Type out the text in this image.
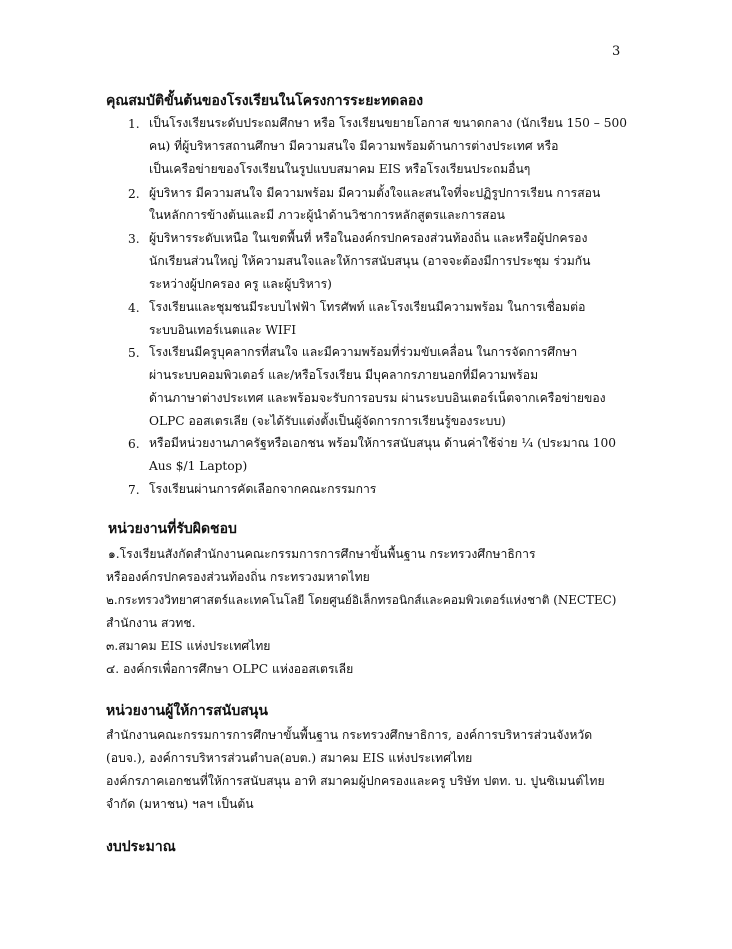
3
คุณสมบัติขั้นต้นของโรงเรียนในโครงการระยะทดลอง
1. เป็นโรงเรียนระดับประถมศึกษา หรือ โรงเรียนขยายโอกาส ขนาดกลาง (นักเรียน 150 – 500
คน) ที่ผู้บริหารสถานศึกษา มีความสนใจ มีความพร้อมด้านการต่างประเทศ หรือ
เป็นเครือข่ายของโรงเรียนในรูปแบบสมาคม EIS หรือโรงเรียนประถมอื่นๆ
2. ผู้บริหาร มีความสนใจ มีความพร้อม มีความตั้งใจและสนใจที่จะปฏิรูปการเรียน การสอน
ในหลักการข้างต้นและมี ภาวะผู้นำด้านวิชาการหลักสูตรและการสอน
3. ผู้บริหารระดับเหนือ ในเขตพื้นที่ หรือในองค์กรปกครองส่วนท้องถิ่น และหรือผู้ปกครอง
นักเรียนส่วนใหญ่ ให้ความสนใจและให้การสนับสนุน (อาจจะต้องมีการประชุม ร่วมกัน
ระหว่างผู้ปกครอง ครู และผู้บริหาร)
4. โรงเรียนและชุมชนมีระบบไฟฟ้า โทรศัพท์ และโรงเรียนมีความพร้อม ในการเชื่อมต่อ
ระบบอินเทอร์เนตและ WIFI
5. โรงเรียนมีครูบุคลากรที่สนใจ และมีความพร้อมที่ร่วมขับเคลื่อน ในการจัดการศึกษา
ผ่านระบบคอมพิวเตอร์ และ/หรือโรงเรียน มีบุคลากรภายนอกที่มีความพร้อม
ด้านภาษาต่างประเทศ และพร้อมจะรับการอบรม ผ่านระบบอินเตอร์เน็ตจากเครือข่ายของ
OLPC ออสเตรเลีย (จะได้รับแต่งตั้งเป็นผู้จัดการการเรียนรู้ของระบบ)
6. หรือมีหน่วยงานภาครัฐหรือเอกชน พร้อมให้การสนับสนุน ด้านค่าใช้จ่าย ¼ (ประมาณ 100
Aus $/1 Laptop)
7. โรงเรียนผ่านการคัดเลือกจากคณะกรรมการ
หน่วยงานที่รับผิดชอบ
๑.โรงเรียนสังกัดสำนักงานคณะกรรมการการศึกษาขั้นพื้นฐาน กระทรวงศึกษาธิการ
หรือองค์กรปกครองส่วนท้องถิ่น กระทรวงมหาดไทย
๒.กระทรวงวิทยาศาสตร์และเทคโนโลยี โดยศูนย์อิเล็กทรอนิกส์และคอมพิวเตอร์แห่งชาติ (NECTEC)
สำนักงาน สวทช.
๓.สมาคม EIS แห่งประเทศไทย
๔. องค์กรเพื่อการศึกษา OLPC แห่งออสเตรเลีย
หน่วยงานผู้ให้การสนับสนุน
สำนักงานคณะกรรมการการศึกษาขั้นพื้นฐาน กระทรวงศึกษาธิการ, องค์การบริหารส่วนจังหวัด
(อบจ.), องค์การบริหารส่วนตำบล(อบต.) สมาคม EIS แห่งประเทศไทย
องค์กรภาคเอกชนที่ให้การสนับสนุน อาทิ สมาคมผู้ปกครองและครู บริษัท ปตท. บ. ปูนซิเมนต์ไทย
จำกัด (มหาชน) ฯลฯ เป็นต้น
งบประมาณ
